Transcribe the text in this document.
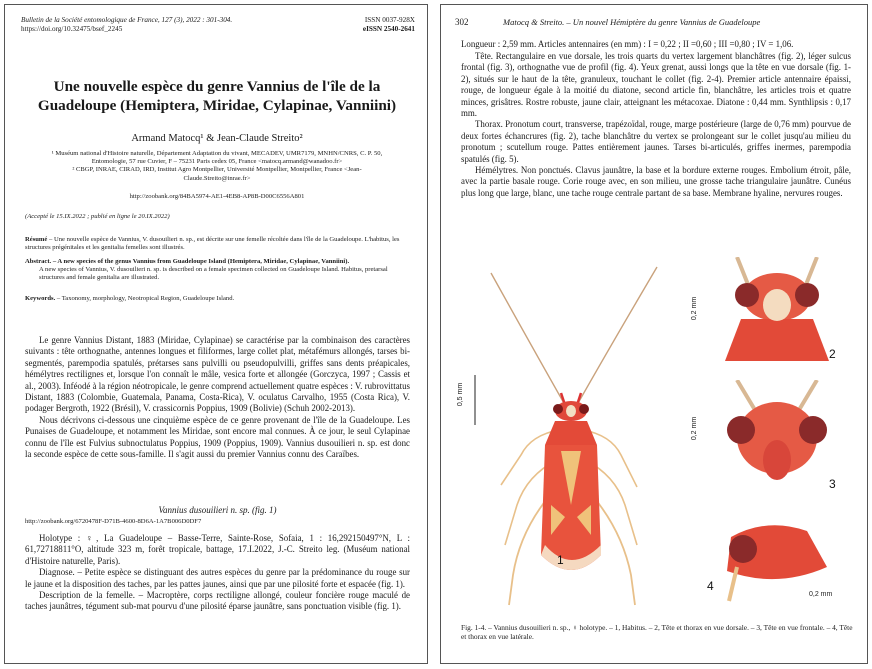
Bulletin de la Société entomologique de France, 127 (3), 2022 : 301-304.
https://doi.org/10.32475/bsef_2245
ISSN 0037-928X
eISSN 2540-2641
Une nouvelle espèce du genre Vannius de l'île de la Guadeloupe (Hemiptera, Miridae, Cylapinae, Vanniini)
Armand Matocq¹ & Jean-Claude Streito²
¹ Muséum national d'Histoire naturelle, Département Adaptation du vivant, MECADEV, UMR7179, MNHN/CNRS, C. P. 50, Entomologie, 57 rue Cuvier, F – 75231 Paris cedex 05, France <matocq.armand@wanadoo.fr>
² CBGP, INRAE, CIRAD, IRD, Institut Agro Montpellier, Université Montpellier, Montpellier, France <Jean-Claude.Streito@inrae.fr>
http://zoobank.org/84BA5974-AE1-4EB8-AP8B-D00C6556A801
(Accepté le 15.IX.2022 ; publié en ligne le 20.IX.2022)
Résumé – Une nouvelle espèce de Vannius, V. dusouilieri n. sp., est décrite sur une femelle récoltée dans l'île de la Guadeloupe. L'habitus, les structures prégénitales et les genitalia femelles sont illustrés.
Abstract. – A new species of the genus Vannius from Guadeloupe Island (Hemiptera, Miridae, Cylapinae, Vanniini).
A new species of Vannius, V. dusouilieri n. sp. is described on a female specimen collected on Guadeloupe Island. Habitus, pretarsal structures and female genitalia are illustrated.
Keywords. – Taxonomy, morphology, Neotropical Region, Guadeloupe Island.

Le genre Vannius Distant, 1883 (Miridae, Cylapinae) se caractérise par la combinaison des caractères suivants : tête orthognathe, antennes longues et filiformes, large collet plat, métafémurs allongés, tarses bi-segmentés, parempodia spatulés, prétarses sans pulvilli ou pseudopulvilli, griffes sans dents préapicales, hémélytres rectilignes et, lorsque l'on connaît le mâle, vesica forte et allongée (Gorczyca, 1997 ; Cassis et al., 2003). Inféodé à la région néotropicale, le genre comprend actuellement quatre espèces : V. rubrovittatus Distant, 1883 (Colombie, Guatemala, Panama, Costa-Rica), V. oculatus Carvalho, 1955 (Costa Rica), V. podager Bergroth, 1922 (Brésil), V. crassicornis Poppius, 1909 (Bolivie) (Schuh 2002-2013).

Nous décrivons ci-dessous une cinquième espèce de ce genre provenant de l'île de la Guadeloupe. Les Punaises de Guadeloupe, et notamment les Miridae, sont encore mal connues. À ce jour, le seul Cylapinae connu de l'île est Fulvius subnoctulatus Poppius, 1909 (Poppius, 1909). Vannius dusouilieri n. sp. est donc la seconde espèce de cette sous-famille. Il s'agit aussi du premier Vannius connu des Caraïbes.

Vannius dusouilieri n. sp. (fig. 1)
http://zoobank.org/6720478F-D71B-4600-8D6A-1A7B006D0DF7

Holotype : ♀, La Guadeloupe – Basse-Terre, Sainte-Rose, Sofaia, 1 : 16,292150497°N, L : 61,72718811°O, altitude 323 m, forêt tropicale, battage, 17.I.2022, J.-C. Streito leg. (Muséum national d'Histoire naturelle, Paris).

Diagnose. – Petite espèce se distinguant des autres espèces du genre par la prédominance du rouge sur le jaune et la disposition des taches, par les pattes jaunes, ainsi que par une pilosité forte et espacée (fig. 1).

Description de la femelle. – Macroptère, corps rectiligne allongé, couleur foncière rouge maculé de taches jaunâtres, tégument sub-mat pourvu d'une pilosité éparse jaunâtre, sans ponctuation visible (fig. 1).

302	Matocq & Streito. – Un nouvel Hémiptère du genre Vannius de Guadeloupe
Longueur : 2,59 mm. Articles antennaires (en mm) : I = 0,22 ; II =0,60 ; III =0,80 ; IV = 1,06.

Tête. Rectangulaire en vue dorsale, les trois quarts du vertex largement blanchâtres (fig. 2), léger sulcus frontal (fig. 3), orthognathe vue de profil (fig. 4). Yeux grenat, aussi longs que la tête en vue dorsale (fig. 1-2), situés sur le haut de la tête, granuleux, touchant le collet (fig. 2-4). Premier article antennaire épaissi, rouge, de longueur égale à la moitié du diatone, second article fin, blanchâtre, les articles trois et quatre minces, grisâtres. Rostre robuste, jaune clair, atteignant les métacoxae. Diatone : 0,44 mm. Synthlipsis : 0,17 mm.

Thorax. Pronotum court, transverse, trapézoïdal, rouge, marge postérieure (large de 0,76 mm) pourvue de deux fortes échancrures (fig. 2), tache blanchâtre du vertex se prolongeant sur le collet jusqu'au milieu du pronotum ; scutellum rouge. Pattes entièrement jaunes. Tarses bi-articulés, griffes inermes, parempodia spatulés (fig. 5).

Hémélytres. Non ponctués. Clavus jaunâtre, la base et la bordure externe rouges. Embolium étroit, pâle, avec la partie basale rouge. Corie rouge avec, en son milieu, une grosse tache triangulaire jaunâtre. Cunéus plus long que large, blanc, une tache rouge centrale partant de sa base. Membrane hyaline, nervures rouges.

0,5 mm
1
0,2 mm
2
0,2 mm
3
0,2 mm
4
Fig. 1-4. – Vannius dusouilieri n. sp., ♀ holotype. – 1, Habitus. – 2, Tête et thorax en vue dorsale. – 3, Tête en vue frontale. – 4, Tête et thorax en vue latérale.
